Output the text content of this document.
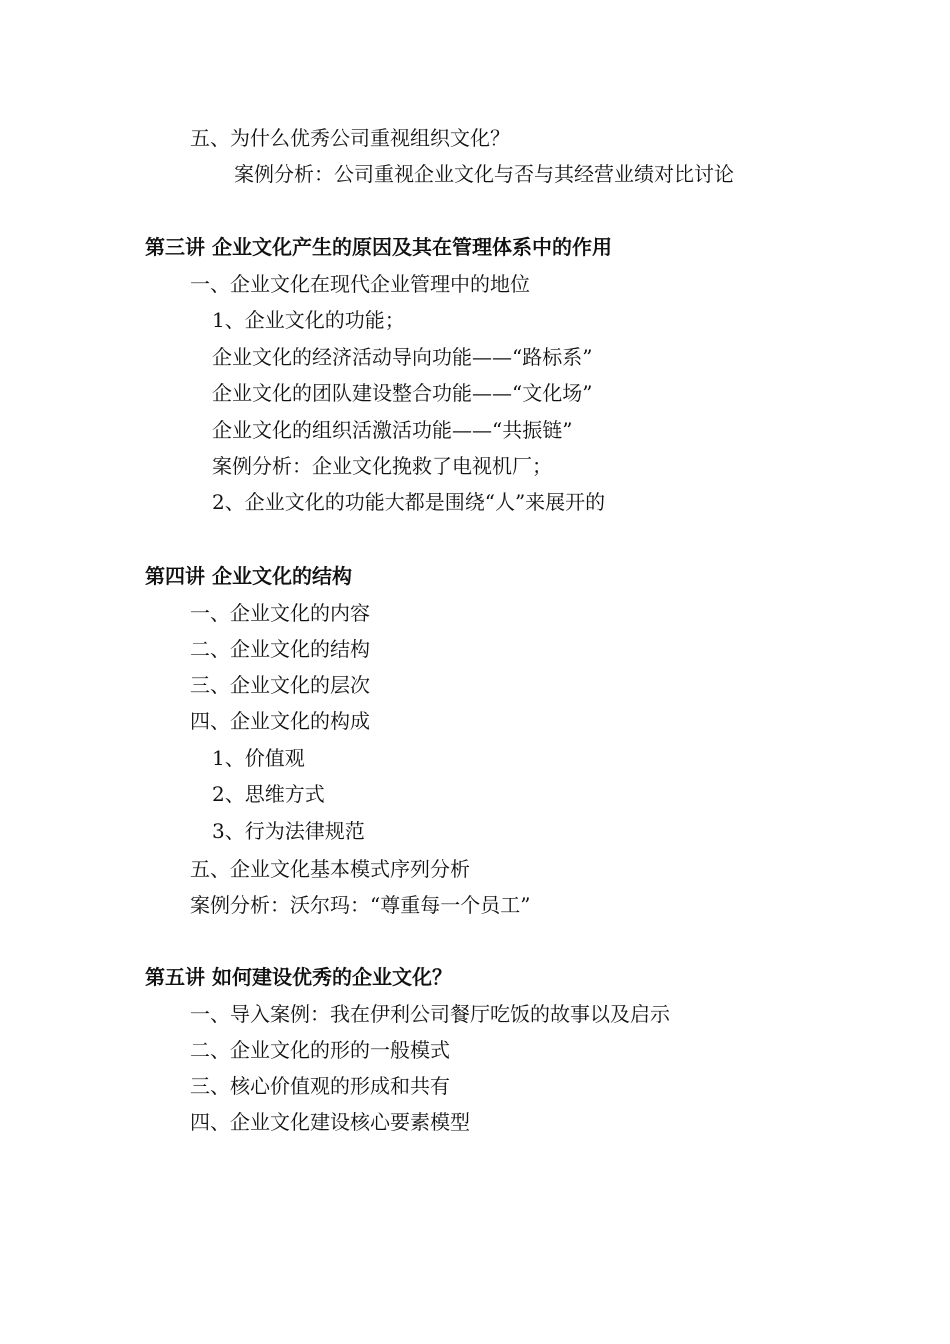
五、为什么优秀公司重视组织文化？
案例分析：公司重视企业文化与否与其经营业绩对比讨论
第三讲 企业文化产生的原因及其在管理体系中的作用
一、企业文化在现代企业管理中的地位
1、企业文化的功能；
企业文化的经济活动导向功能——“路标系”
企业文化的团队建设整合功能——“文化场”
企业文化的组织活激活功能——“共振链”
案例分析：企业文化挽救了电视机厂；
2、企业文化的功能大都是围绕“人”来展开的
第四讲 企业文化的结构
一、企业文化的内容
二、企业文化的结构
三、企业文化的层次
四、企业文化的构成
1、价值观
2、思维方式
3、行为法律规范
五、企业文化基本模式序列分析
案例分析：沃尔玛：“尊重每一个员工”
第五讲 如何建设优秀的企业文化？
一、导入案例：我在伊利公司餐厅吃饭的故事以及启示
二、企业文化的形的一般模式
三、核心价值观的形成和共有
四、企业文化建设核心要素模型
